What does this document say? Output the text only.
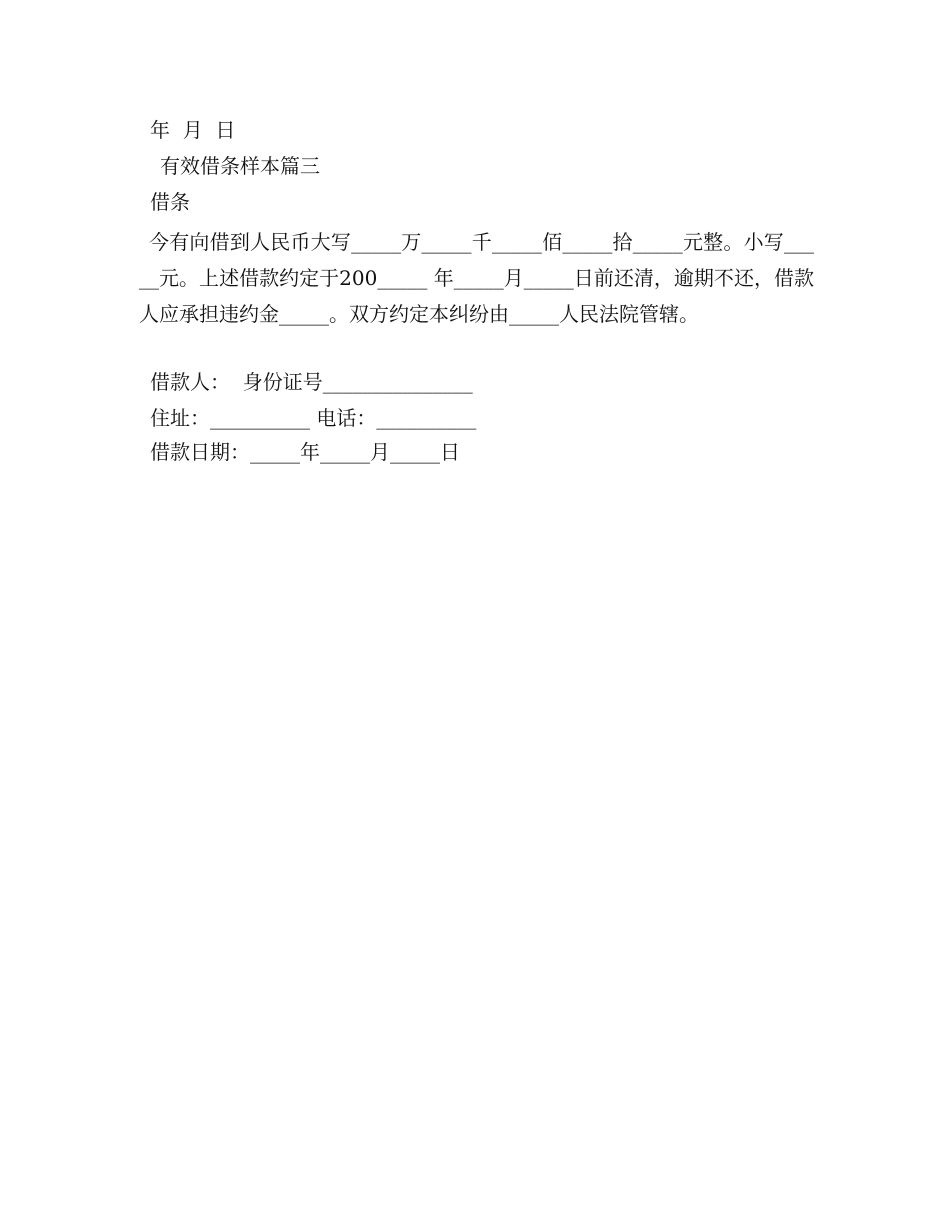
年  月  日
有效借条样本篇三
借条
今有向借到人民币大写_____万_____千_____佰_____拾_____元整。小写_____元。上述借款约定于200_____ 年_____月_____日前还清，逾期不还，借款人应承担违约金_____。双方约定本纠纷由_____人民法院管辖。
借款人：  身份证号_______________
住址：__________ 电话：__________
借款日期：_____年_____月_____日
